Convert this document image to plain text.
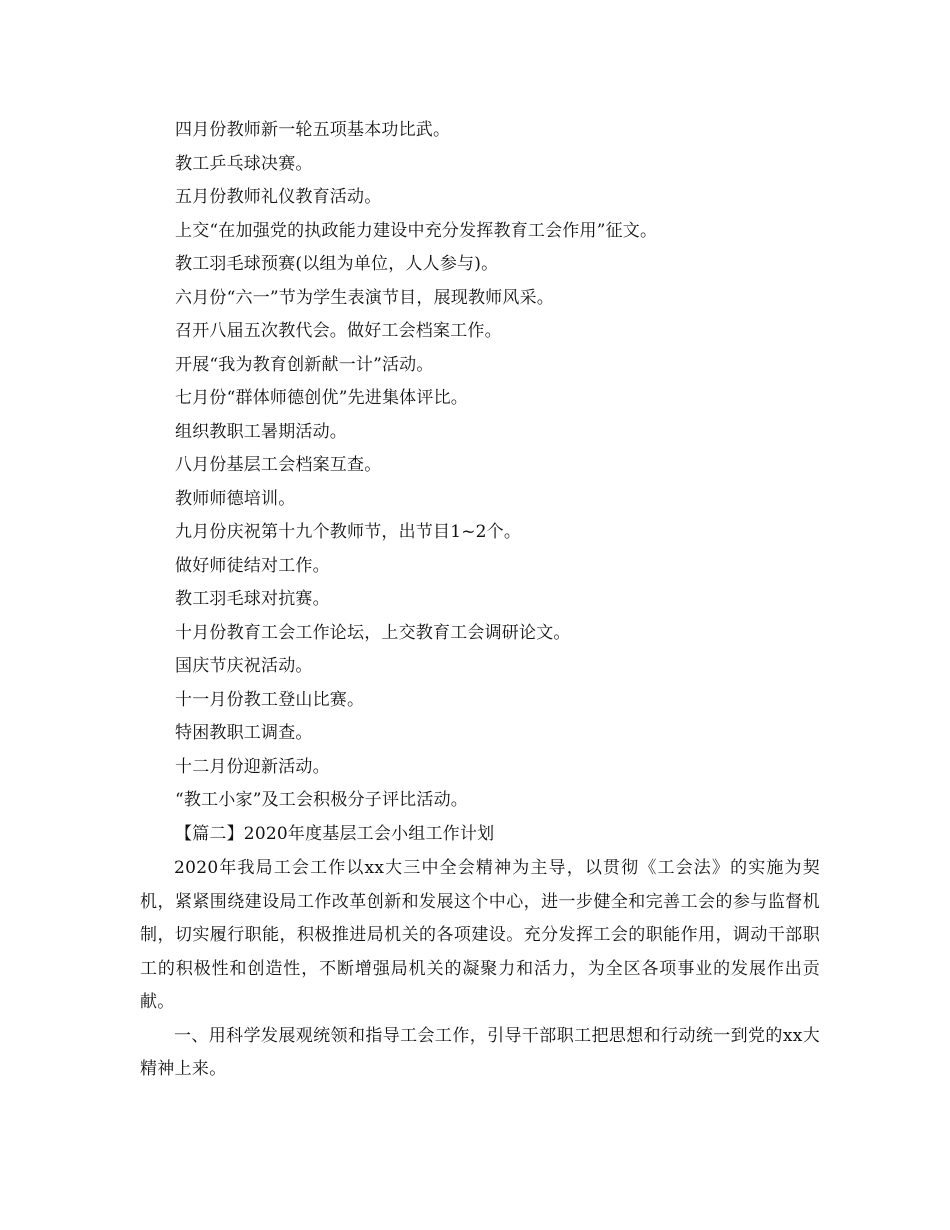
四月份教师新一轮五项基本功比武。
教工乒乓球决赛。
五月份教师礼仪教育活动。
上交“在加强党的执政能力建设中充分发挥教育工会作用”征文。
教工羽毛球预赛(以组为单位，人人参与)。
六月份“六一”节为学生表演节目，展现教师风采。
召开八届五次教代会。做好工会档案工作。
开展“我为教育创新献一计”活动。
七月份“群体师德创优”先进集体评比。
组织教职工暑期活动。
八月份基层工会档案互查。
教师师德培训。
九月份庆祝第十九个教师节，出节目1~2个。
做好师徒结对工作。
教工羽毛球对抗赛。
十月份教育工会工作论坛，上交教育工会调研论文。
国庆节庆祝活动。
十一月份教工登山比赛。
特困教职工调查。
十二月份迎新活动。
“教工小家”及工会积极分子评比活动。
【篇二】2020年度基层工会小组工作计划

2020年我局工会工作以xx大三中全会精神为主导，以贯彻《工会法》的实施为契机，紧紧围绕建设局工作改革创新和发展这个中心，进一步健全和完善工会的参与监督机制，切实履行职能，积极推进局机关的各项建设。充分发挥工会的职能作用，调动干部职工的积极性和创造性，不断增强局机关的凝聚力和活力，为全区各项事业的发展作出贡献。

一、用科学发展观统领和指导工会工作，引导干部职工把思想和行动统一到党的xx大精神上来。
